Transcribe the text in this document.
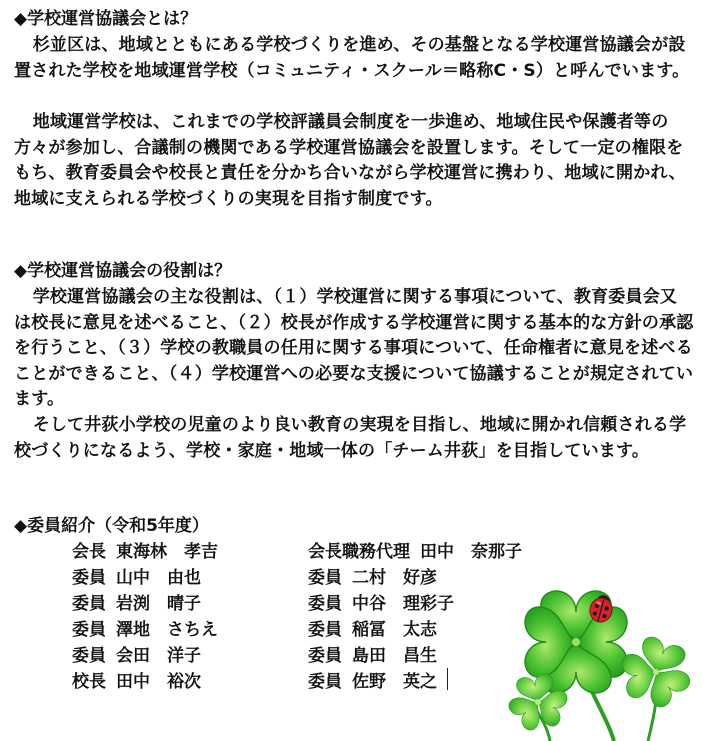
◆学校運営協議会とは？

杉並区は、地域とともにある学校づくりを進め、その基盤となる学校運営協議会が設置された学校を地域運営学校（コミュニティ・スクール＝略称C・S）と呼んでいます。

地域運営学校は、これまでの学校評議員会制度を一歩進め、地域住民や保護者等の方々が参加し、合議制の機関である学校運営協議会を設置します。そして一定の権限をもち、教育委員会や校長と責任を分かち合いながら学校運営に携わり、地域に開かれ、地域に支えられる学校づくりの実現を目指す制度です。

◆学校運営協議会の役割は？

学校運営協議会の主な役割は、（１）学校運営に関する事項について、教育委員会又は校長に意見を述べること、（２）校長が作成する学校運営に関する基本的な方針の承認を行うこと、（３）学校の教職員の任用に関する事項について、任命権者に意見を述べることができること、（４）学校運営への必要な支援について協議することが規定されています。

そして井荻小学校の児童のより良い教育の実現を目指し、地域に開かれ信頼される学校づくりになるよう、学校・家庭・地域一体の「チーム井荻」を目指しています。

◆委員紹介（令和5年度）
会長 東海林　孝吉
委員 山中　由也
委員 岩渕　晴子
委員 澤地　さちえ
委員 会田　洋子
校長 田中　裕次
会長職務代理 田中　奈那子
委員 二村　好彦
委員 中谷　理彩子
委員 稲冨　太志
委員 島田　昌生
委員 佐野　英之
